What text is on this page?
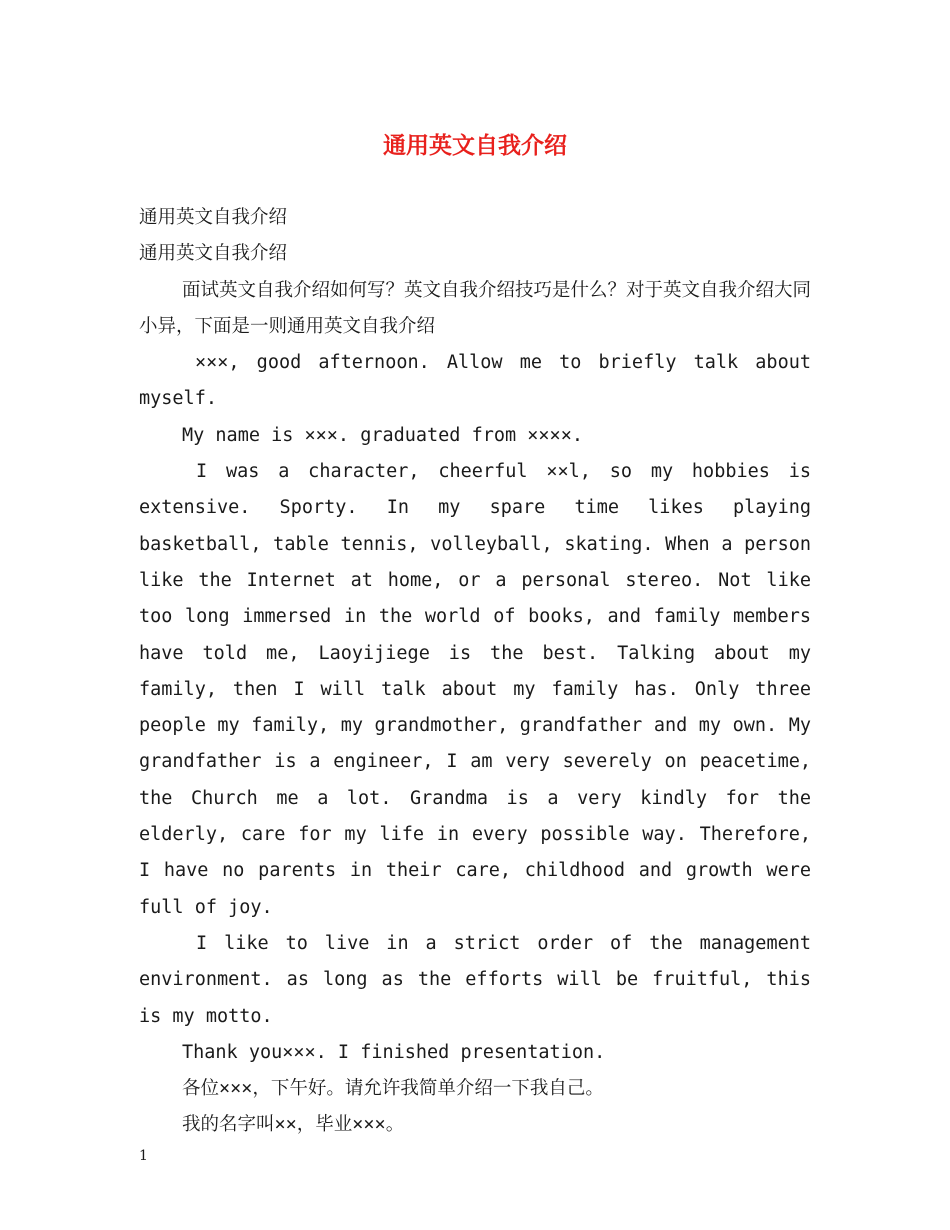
通用英文自我介绍

通用英文自我介绍

通用英文自我介绍

面试英文自我介绍如何写？英文自我介绍技巧是什么？对于英文自我介绍大同小异，下面是一则通用英文自我介绍

×××, good afternoon. Allow me to briefly talk about myself.

My name is ×××. graduated from ××××.

I was a character, cheerful ××l, so my hobbies is extensive. Sporty. In my spare time likes playing basketball, table tennis, volleyball, skating. When a person like the Internet at home, or a personal stereo. Not like too long immersed in the world of books, and family members have told me, Laoyijiege is the best. Talking about my family, then I will talk about my family has. Only three people my family, my grandmother, grandfather and my own. My grandfather is a engineer, I am very severely on peacetime, the Church me a lot. Grandma is a very kindly for the elderly, care for my life in every possible way. Therefore, I have no parents in their care, childhood and growth were full of joy.

I like to live in a strict order of the management environment. as long as the efforts will be fruitful, this is my motto.

Thank you×××. I finished presentation.

各位×××，下午好。请允许我简单介绍一下我自己。

我的名字叫××，毕业×××。

1
